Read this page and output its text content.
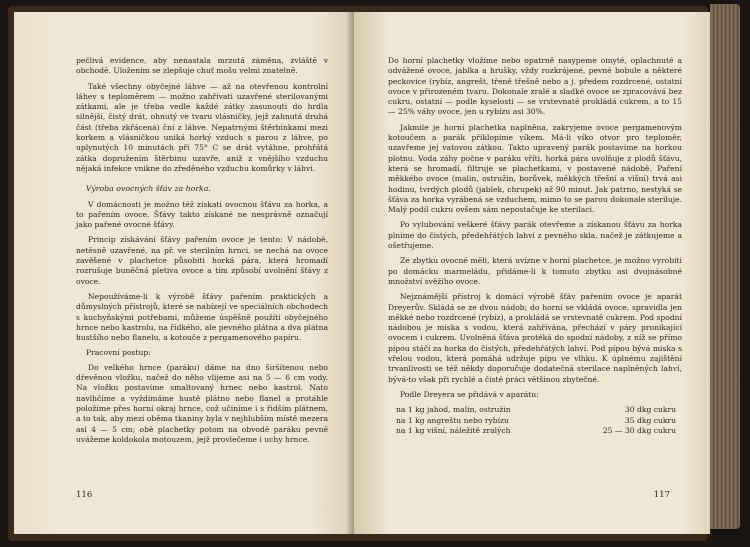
pečlivá evidence, aby nenastala mrzutá záměna, zvláště v obchodě. Uložením se zlepšuje chuť mošu velmi znatelně.

Také všechny obyčejné láhve — až na otevřenou kontrolní láhev s teploměrem — možno zahřívati uzavřené sterilovanými zátkami, ale je třeba vedle každé zátky zasunouti do hrdla silnější, čistý drát, ohnutý ve tvaru vlásničky, jejž zahnutá druhá část (třeba zkřácená) ční z láhve. Nepatrnými štěrbinkami mezi korkem a vlásničkou uniká horký vzduch s parou z láhve, po uplynutých 10 minutách při 75° C se drát vytáhne, prohřátá zátka dopružením štěrbinu uzavře, aniž z vnějšího vzduchu nějaká infekce vnikne do zředěného vzduchu komůrky v láhvi.

Výroba ovocných šťáv za horka.

V domácnosti je možno též získati ovocnou šťávu za horka, a to pařením ovoce. Šťávy takto získané ne nesprávně označují jako pařené ovocné šťávy.

Princip získávání šťávy pařením ovoce je tento: V nádobě, netěsně uzavřené, na př. ve sterilním hrnci, se nechá na ovoce zavěšené v plachetce působiti horká pára, která hromadí rozrušuje buněčná pletiva ovoce a tím způsobí uvolnění šťávy z ovoce.

Nepoužíváme-li k výrobě šťávy pařením praktických a důmyslných přístrojů, které se nabízejí ve speciálních obchodech s kuchyňskými potřebami, můžeme úspěšně použíti obyčejného hrnce nebo kastrolu, na řídkého, ale pevného plátna a dva plátna hustšího nebo flanelu, a kotouče z pergamenového papíru.

Pracovní postup:

Do velkého hrnce (paráku) dáme na dno širšítenou nebo dřevěnou vložku, načež do něho vlijeme asi na 5 — 6 cm vody. Na vložku postavíme smaltovaný hrnec nebo kastrol. Nato navlhčíme a vyždímáme hustě plátno nebo flanel a protáhle položíme přes horní okraj hrnce, což učiníme i s řidším plátnem, a to tak, aby mezi oběma tkaniny byla v nejhlubším místě mezera asi 4 — 5 cm; obě plachetky potom na obvodě paráku pevně uvážeme koldokola motouzem, jejž provlečeme i uchy hrnce.

116

Do horní plachetky vložíme nebo opatrně nasypeme omyté, oplachnuté a odvážené ovoce, jablka a hrušky, vždy rozkrájené, pevné bobule a některé peckovice (rybíz, angrešt, třeně třešně nebo a j. předem rozdrcené, ostatní ovoce v přirozeném tvaru. Dokonale zralé a sladké ovoce se zpracovává bez cukru, ostatní — podle kyselosti — se vrstevnaté prokládá cukrem, a to 15 — 25% váhy ovoce, jen u rybízu asi 30%.

Jakmile je horní plachetka naplněna, zakryjeme ovoce pergamenovým kotoučem a parák přiklopíme víkem. Má-li víko otvor pro teploměr, uzavřeme jej vatovou zátkou. Takto upravený parák postavíme na horkou plotnu. Voda záhy počne v paráku vříti, horká pára uvolňuje z plodů šťávu, která se hromadí, filtruje se plachetkami, v postavené nádobě. Paření měkkého ovoce (malin, ostružin, borůvek, měkkých třešní a višní) trvá asi hodinu, tvrdých plodů (jablek, chrupek) až 90 minut. Jak patrno, nestyká se šťáva za horka vyrábená se vzduchem, mimo to se parou dokonale steriluje. Malý podíl cukru ovšem sám nepostačuje ke sterilaci.

Po vylubování veškeré šťávy parák otevřeme a získanou šťávu za horka plníme do čistých, předehřátých lahví z pevného skla, načež je zátkujeme a ošetřujeme.

Ze zbytku ovocné měli, která uvízne v horní plachetce, je možno vyrobiti po domácku marmeládu, přidáme-li k tomuto zbytku asi dvojnásobné množství svěžího ovoce.

Nejznámější přístroj k domácí výrobě šťáv pařením ovoce je aparát Dreyerův. Skládá se ze dvou nádob; do horní se vkládá ovoce, spravidla jen měkké nebo rozdrcené (rybíz), a prokládá se vrstevnatě cukrem. Pod spodní nádobou je miska s vodou, která zahřívána, přechází v páry pronikající ovocem i cukrem. Uvolněná šťáva protéká do spodní nádoby, z níž se přímo pípou stáčí za horka do čistých, předehřátých lahví. Pod pípou bývá miska s vřelou vodou, která pomáhá udržuje pípu ve vlhku. K úplnému zajištění trvanlivosti se též někdy doporučuje dodatečná sterilace naplněných lahví, bývá-to však při rychlé a čisté práci většinou zbytečné.

Podle Dreyera se přidává v aparátu:

na 1 kg jahod, malin, ostružin	30 dkg cukru
na 1 kg angreštu nebo rybízu	35 dkg cukru
na 1 kg višní, náležitě zralých	25 — 30 dkg cukru
117
